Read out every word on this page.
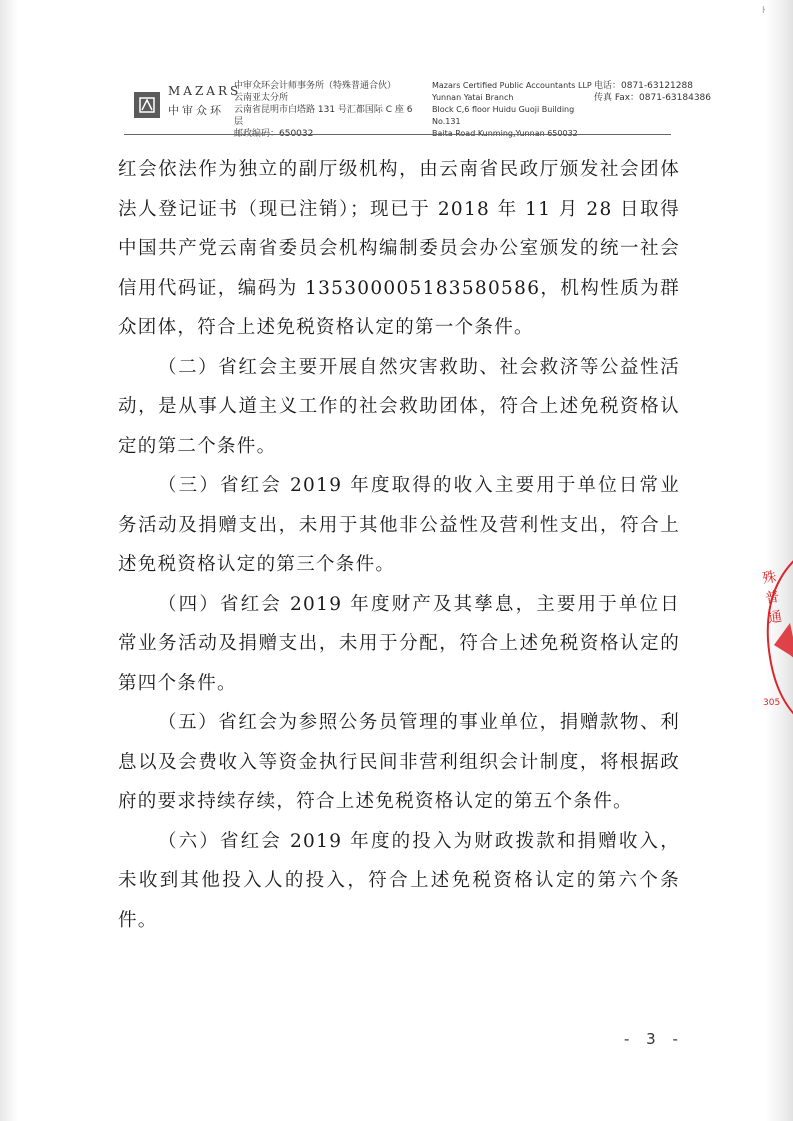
ŀ
MAZARS
中审众环
中审众环会计师事务所（特殊普通合伙）
云南亚太分所
云南省昆明市白塔路 131 号汇都国际 C 座 6 层
邮政编码：650032
Mazars Certified Public Accountants LLP
Yunnan Yatai Branch
Block C,6 floor Huidu Guoji Building No.131
Baita Road Kunming,Yunnan 650032
电话：0871-63121288
传真 Fax：0871-63184386

红会依法作为独立的副厅级机构，由云南省民政厅颁发社会团体法人登记证书（现已注销）；现已于 2018 年 11 月 28 日取得中国共产党云南省委员会机构编制委员会办公室颁发的统一社会信用代码证，编码为 135300005183580586，机构性质为群众团体，符合上述免税资格认定的第一个条件。

（二）省红会主要开展自然灾害救助、社会救济等公益性活动，是从事人道主义工作的社会救助团体，符合上述免税资格认定的第二个条件。

（三）省红会 2019 年度取得的收入主要用于单位日常业务活动及捐赠支出，未用于其他非公益性及营利性支出，符合上述免税资格认定的第三个条件。

（四）省红会 2019 年度财产及其孳息，主要用于单位日常业务活动及捐赠支出，未用于分配，符合上述免税资格认定的第四个条件。

（五）省红会为参照公务员管理的事业单位，捐赠款物、利息以及会费收入等资金执行民间非营利组织会计制度，将根据政府的要求持续存续，符合上述免税资格认定的第五个条件。

（六）省红会 2019 年度的投入为财政拨款和捐赠收入，未收到其他投入人的投入，符合上述免税资格认定的第六个条件。

殊普通
305
- 3 -
